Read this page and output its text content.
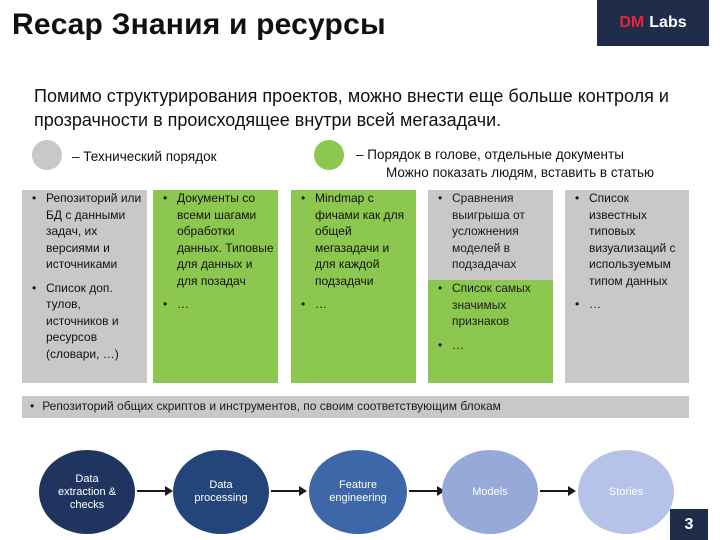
Recap Знания и ресурсы	DM Labs
Помимо структурирования проектов, можно внести еще больше контроля и прозрачности в происходящее внутри всей мегазадачи.
– Технический порядок	– Порядок в голове, отдельные документы
Можно показать людям, вставить в статью
• Репозиторий или БД с данными задач, их версиями и источниками
• Список доп. тулов, источников и ресурсов (словари, …)
• Документы со всеми шагами обработки данных. Типовые для данных и для позадач
• …
• Mindmap с фичами как для общей мегазадачи и для каждой подзадачи
• …
• Сравнения выигрыша от усложнения моделей в подзадачах
• Список самых значимых признаков
• …
• Список известных типовых визуализаций с используемым типом данных
• …
• Репозиторий общих скриптов и инструментов, по своим соответствующим блокам
Data extraction & checks
Data processing
Feature engineering
Models	Stories
3
